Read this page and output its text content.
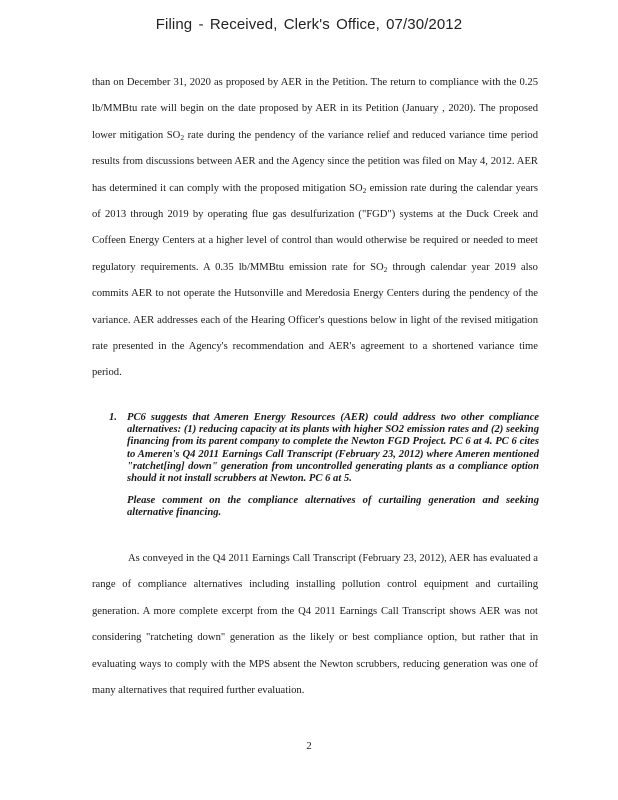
Filing - Received, Clerk's Office, 07/30/2012

than on December 31, 2020 as proposed by AER in the Petition. The return to compliance with the 0.25 lb/MMBtu rate will begin on the date proposed by AER in its Petition (January , 2020). The proposed lower mitigation $SO_2$ rate during the pendency of the variance relief and reduced variance time period results from discussions between AER and the Agency since the petition was filed on May 4, 2012. AER has determined it can comply with the proposed mitigation $SO_2$ emission rate during the calendar years of 2013 through 2019 by operating flue gas desulfurization ("FGD") systems at the Duck Creek and Coffeen Energy Centers at a higher level of control than would otherwise be required or needed to meet regulatory requirements. A 0.35 lb/MMBtu emission rate for $SO_2$ through calendar year 2019 also commits AER to not operate the Hutsonville and Meredosia Energy Centers during the pendency of the variance. AER addresses each of the Hearing Officer's questions below in light of the revised mitigation rate presented in the Agency's recommendation and AER's agreement to a shortened variance time period.

1. PC6 suggests that Ameren Energy Resources (AER) could address two other compliance alternatives: (1) reducing capacity at its plants with higher SO2 emission rates and (2) seeking financing from its parent company to complete the Newton FGD Project. PC 6 at 4. PC 6 cites to Ameren's Q4 2011 Earnings Call Transcript (February 23, 2012) where Ameren mentioned "ratchet[ing] down" generation from uncontrolled generating plants as a compliance option should it not install scrubbers at Newton. PC 6 at 5.

Please comment on the compliance alternatives of curtailing generation and seeking alternative financing.

As conveyed in the Q4 2011 Earnings Call Transcript (February 23, 2012), AER has evaluated a range of compliance alternatives including installing pollution control equipment and curtailing generation. A more complete excerpt from the Q4 2011 Earnings Call Transcript shows AER was not considering "ratcheting down" generation as the likely or best compliance option, but rather that in evaluating ways to comply with the MPS absent the Newton scrubbers, reducing generation was one of many alternatives that required further evaluation.

2
